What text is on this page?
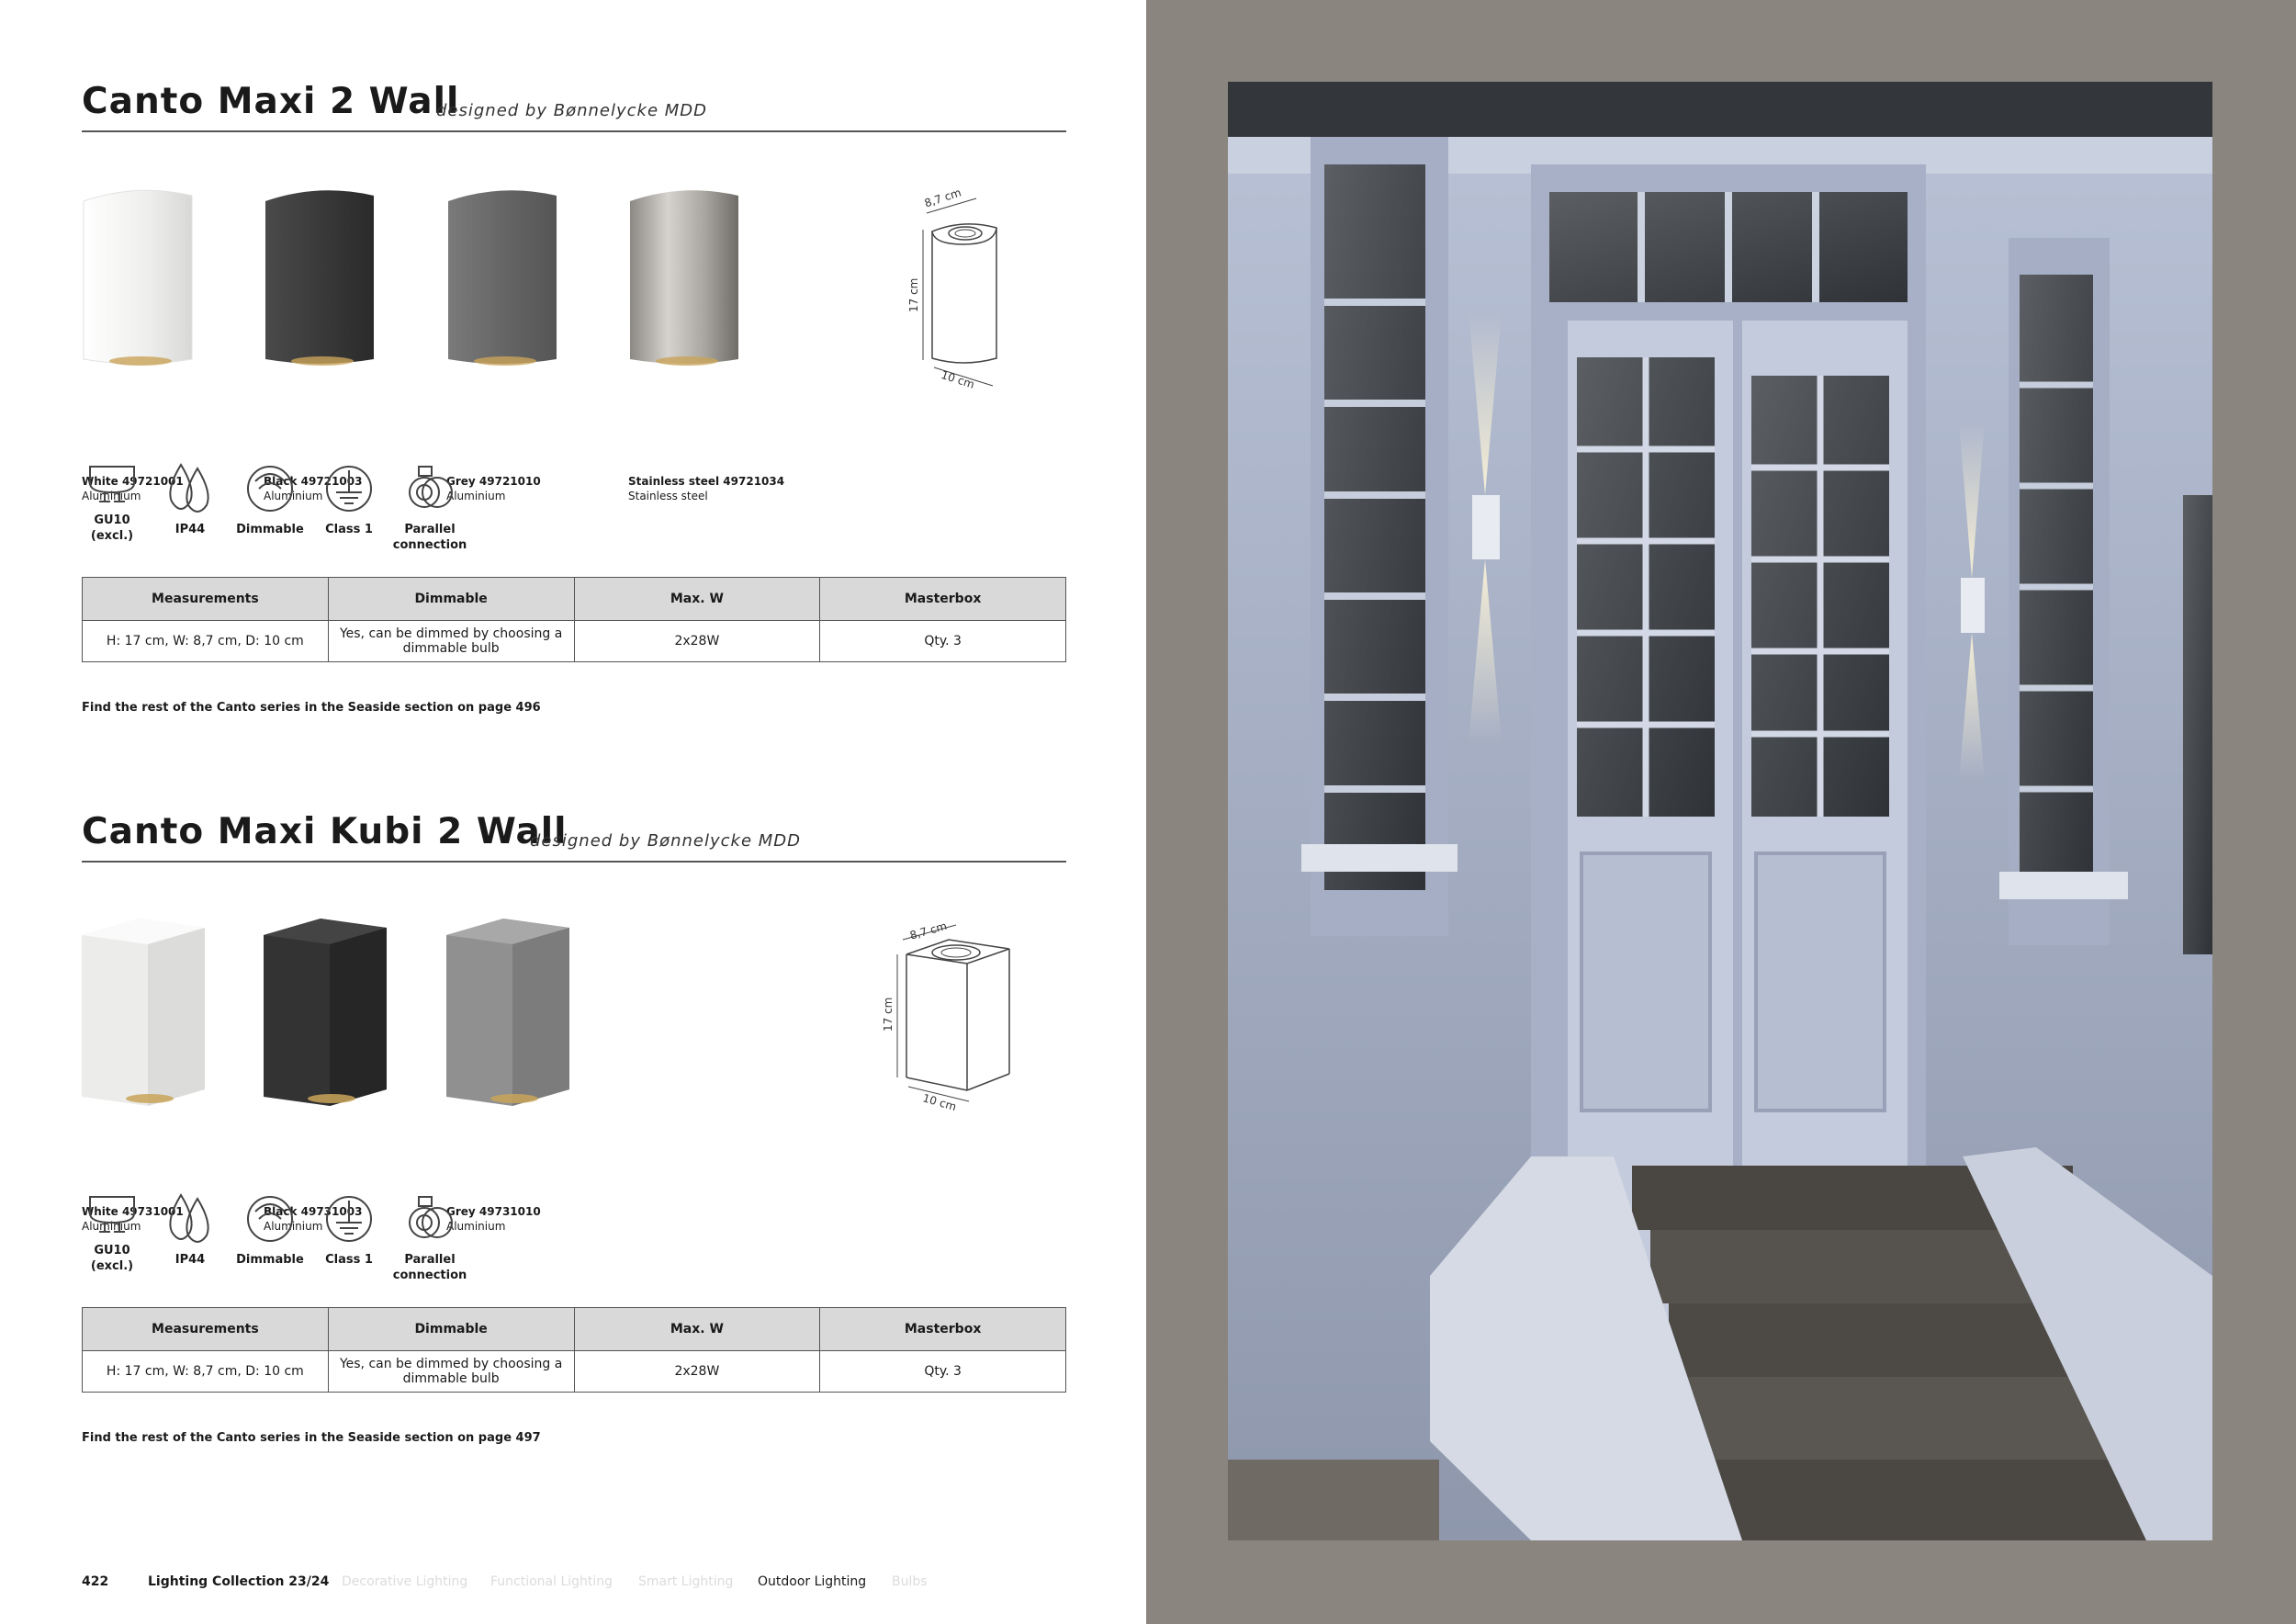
Canto Maxi 2 Wall
designed by Bønnelycke MDD
White 49721001
Aluminium
Black 49721003
Aluminium
Grey 49721010
Aluminium
Stainless steel 49721034
Stainless steel
8,7 cm
17 cm
10 cm
GU10
(excl.)	IP44	Dimmable	Class 1	Parallel
connection
Measurements	Dimmable	Max. W	Masterbox
H: 17 cm, W: 8,7 cm, D: 10 cm	Yes, can be dimmed by choosing a dimmable bulb	2x28W	Qty. 3
Find the rest of the Canto series in the Seaside section on page 496
Canto Maxi Kubi 2 Wall
designed by Bønnelycke MDD
White 49731001
Aluminium
Black 49731003
Aluminium
Grey 49731010
Aluminium
8,7 cm
17 cm
10 cm
GU10
(excl.)	IP44	Dimmable	Class 1	Parallel
connection
Measurements	Dimmable	Max. W	Masterbox
H: 17 cm, W: 8,7 cm, D: 10 cm	Yes, can be dimmed by choosing a dimmable bulb	2x28W	Qty. 3
Find the rest of the Canto series in the Seaside section on page 497
422	Lighting Collection 23/24 Decorative Lighting Functional Lighting Smart Lighting Outdoor Lighting Bulbs
